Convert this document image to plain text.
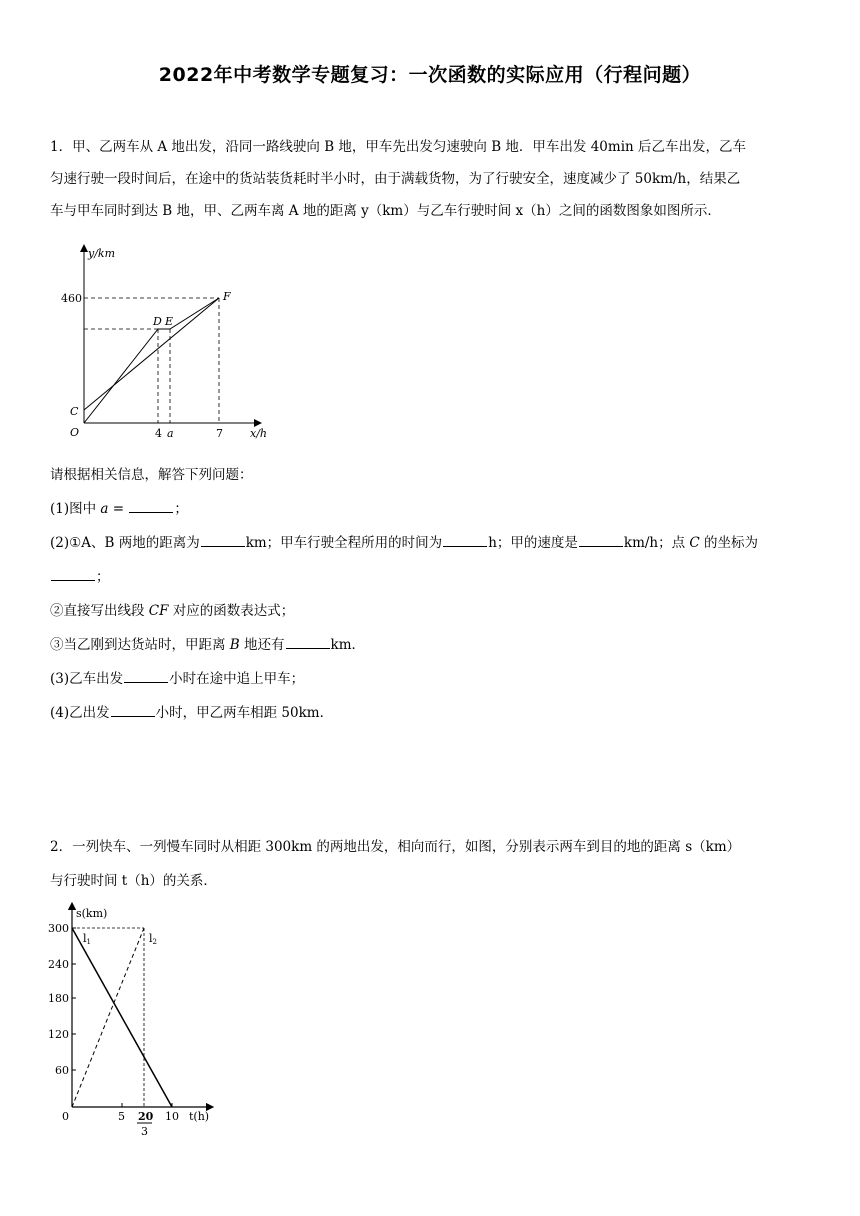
2022年中考数学专题复习：一次函数的实际应用（行程问题）
1．甲、乙两车从 A 地出发，沿同一路线驶向 B 地，甲车先出发匀速驶向 B 地．甲车出发 40min 后乙车出发，乙车
匀速行驶一段时间后，在途中的货站装货耗时半小时，由于满载货物，为了行驶安全，速度减少了 50km/h，结果乙
车与甲车同时到达 B 地，甲、乙两车离 A 地的距离 y（km）与乙车行驶时间 x（h）之间的函数图象如图所示．
y/km
x/h
460
4 a	7
O
C
D E
F
请根据相关信息，解答下列问题：
(1)图中 a =	；
(2)①A、B 两地的距离为	km；甲车行驶全程所用的时间为	h；甲的速度是	km/h；点 C 的坐标为
；
②直接写出线段 CF 对应的函数表达式；
③当乙刚到达货站时，甲距离 B 地还有	km．
(3)乙车出发	小时在途中追上甲车；
(4)乙出发	小时，甲乙两车相距 50km．
2．一列快车、一列慢车同时从相距 300km 的两地出发，相向而行，如图，分别表示两车到目的地的距离 s（km）
与行驶时间 t（h）的关系．
s(km)
t(h)
300
240
180
120
60
0	5	10
20
3
l1	l2
